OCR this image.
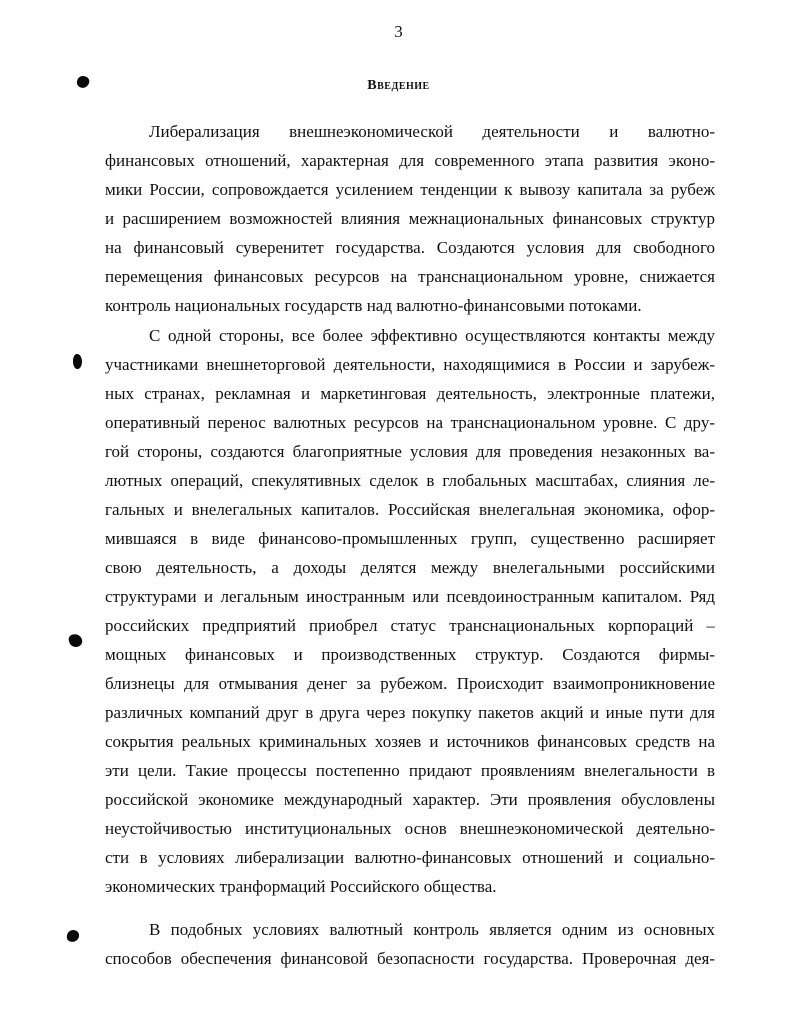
3
Введение
Либерализация внешнеэкономической деятельности и валютно-
финансовых отношений, характерная для современного этапа развития эконо-
мики России, сопровождается усилением тенденции к вывозу капитала за рубеж
и расширением возможностей влияния межнациональных финансовых структур
на финансовый суверенитет государства. Создаются условия для свободного
перемещения финансовых ресурсов на транснациональном уровне, снижается
контроль национальных государств над валютно-финансовыми потоками.
С одной стороны, все более эффективно осуществляются контакты между
участниками внешнеторговой деятельности, находящимися в России и зарубеж-
ных странах, рекламная и маркетинговая деятельность, электронные платежи,
оперативный перенос валютных ресурсов на транснациональном уровне. С дру-
гой стороны, создаются благоприятные условия для проведения незаконных ва-
лютных операций, спекулятивных сделок в глобальных масштабах, слияния ле-
гальных и внелегальных капиталов. Российская внелегальная экономика, офор-
мившаяся в виде финансово-промышленных групп, существенно расширяет
свою деятельность, а доходы делятся между внелегальными российскими
структурами и легальным иностранным или псевдоиностранным капиталом. Ряд
российских предприятий приобрел статус транснациональных корпораций –
мощных финансовых и производственных структур. Создаются фирмы-
близнецы для отмывания денег за рубежом. Происходит взаимопроникновение
различных компаний друг в друга через покупку пакетов акций и иные пути для
сокрытия реальных криминальных хозяев и источников финансовых средств на
эти цели. Такие процессы постепенно придают проявлениям внелегальности в
российской экономике международный характер. Эти проявления обусловлены
неустойчивостью институциональных основ внешнеэкономической деятельно-
сти в условиях либерализации валютно-финансовых отношений и социально-
экономических транформаций Российского общества.
В подобных условиях валютный контроль является одним из основных
способов обеспечения финансовой безопасности государства. Проверочная дея-
